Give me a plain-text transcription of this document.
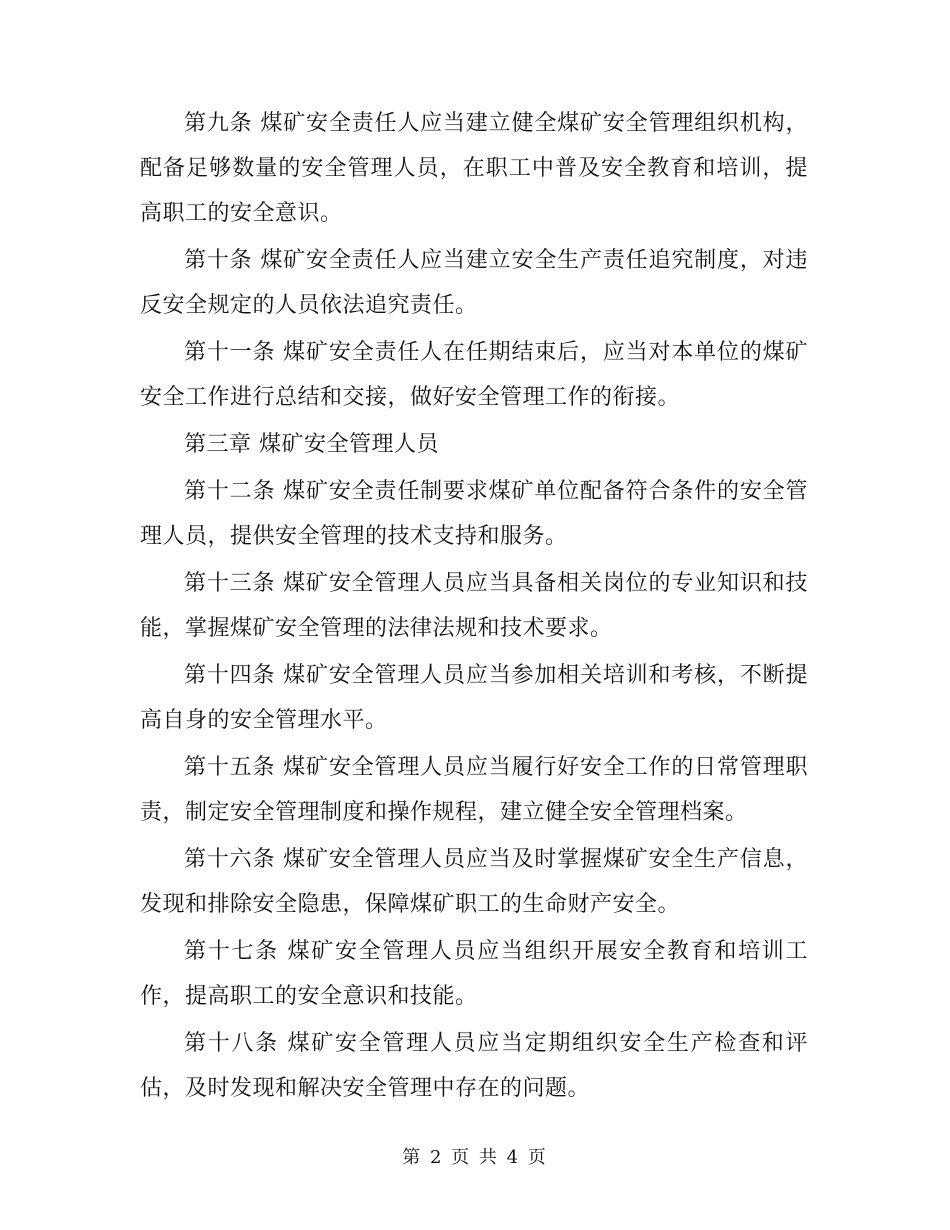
第九条 煤矿安全责任人应当建立健全煤矿安全管理组织机构，配备足够数量的安全管理人员，在职工中普及安全教育和培训，提高职工的安全意识。

第十条 煤矿安全责任人应当建立安全生产责任追究制度，对违反安全规定的人员依法追究责任。

第十一条 煤矿安全责任人在任期结束后，应当对本单位的煤矿安全工作进行总结和交接，做好安全管理工作的衔接。

第三章 煤矿安全管理人员

第十二条 煤矿安全责任制要求煤矿单位配备符合条件的安全管理人员，提供安全管理的技术支持和服务。

第十三条 煤矿安全管理人员应当具备相关岗位的专业知识和技能，掌握煤矿安全管理的法律法规和技术要求。

第十四条 煤矿安全管理人员应当参加相关培训和考核，不断提高自身的安全管理水平。

第十五条 煤矿安全管理人员应当履行好安全工作的日常管理职责，制定安全管理制度和操作规程，建立健全安全管理档案。

第十六条 煤矿安全管理人员应当及时掌握煤矿安全生产信息，发现和排除安全隐患，保障煤矿职工的生命财产安全。

第十七条 煤矿安全管理人员应当组织开展安全教育和培训工作，提高职工的安全意识和技能。

第十八条 煤矿安全管理人员应当定期组织安全生产检查和评估，及时发现和解决安全管理中存在的问题。

第 2 页 共 4 页
